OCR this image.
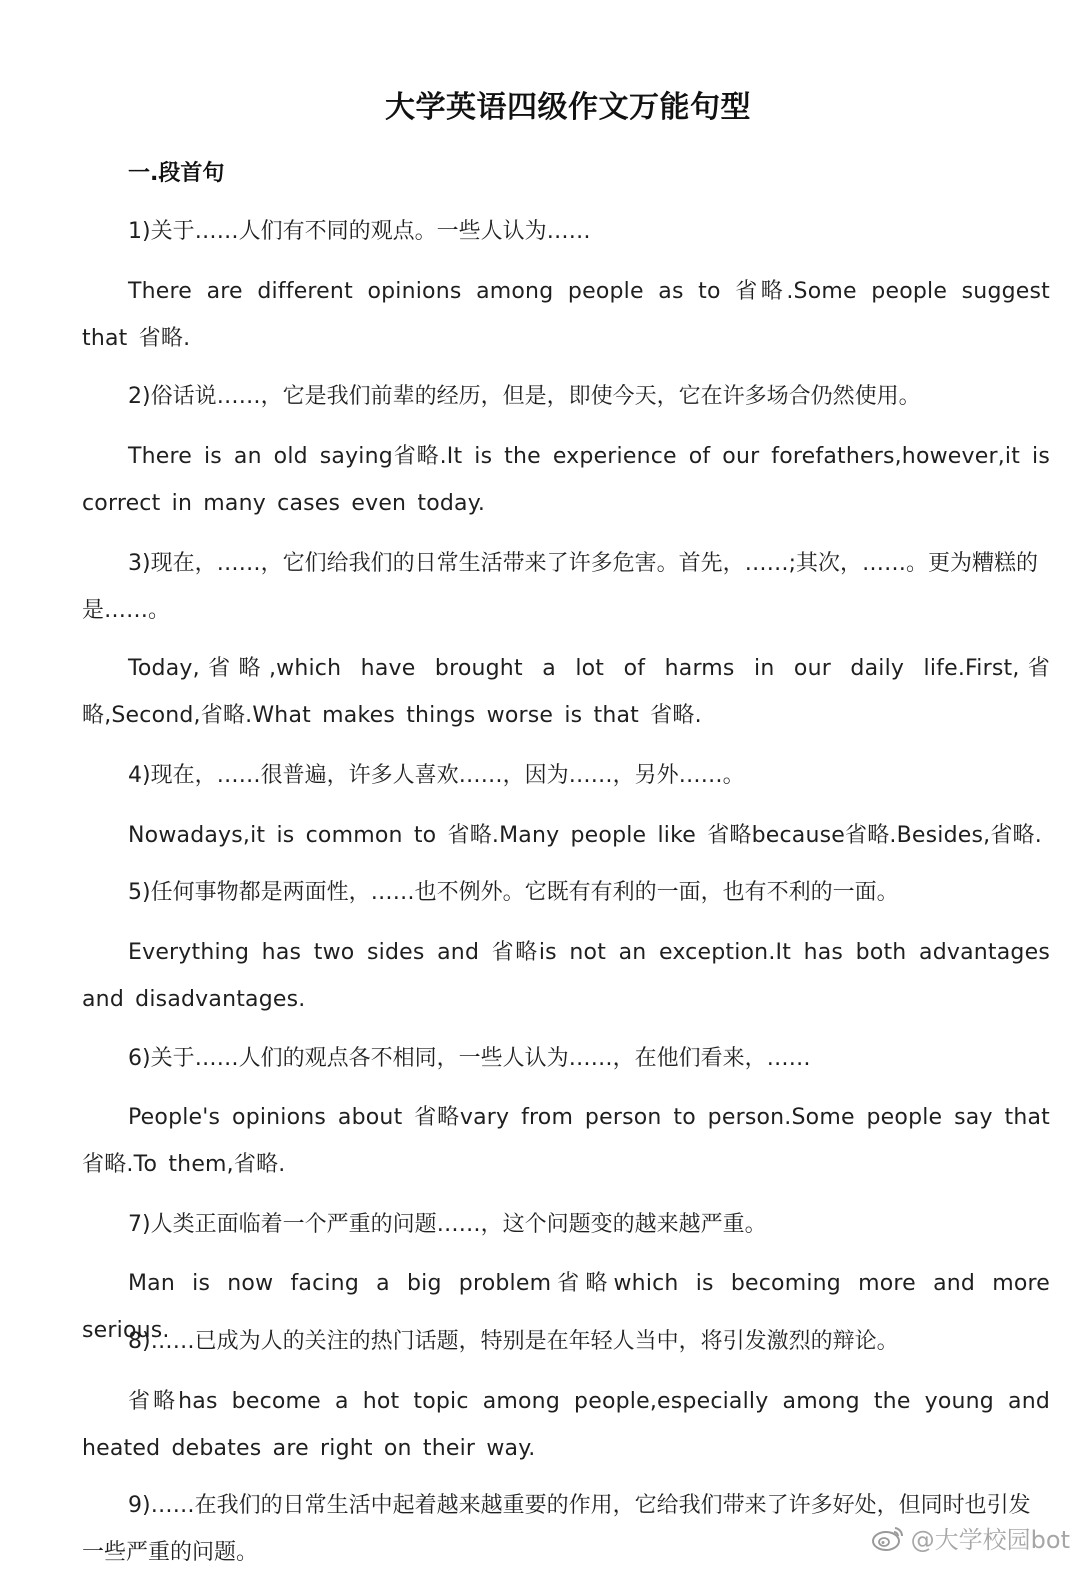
大学英语四级作文万能句型
一.段首句

1)关于……人们有不同的观点。一些人认为……

There are different opinions among people as to 省略.Some people suggest that 省略.

2)俗话说……，它是我们前辈的经历，但是，即使今天，它在许多场合仍然使用。

There is an old saying省略.It is the experience of our forefathers,however,it is correct in many cases even today.

3)现在，……，它们给我们的日常生活带来了许多危害。首先，……;其次，……。更为糟糕的是……。

Today,省略,which have brought a lot of harms in our daily life.First,省略,Second,省略.What makes things worse is that 省略.

4)现在，……很普遍，许多人喜欢……，因为……，另外……。

Nowadays,it is common to 省略.Many people like 省略because省略.Besides,省略.

5)任何事物都是两面性，……也不例外。它既有有利的一面，也有不利的一面。

Everything has two sides and 省略is not an exception.It has both advantages and disadvantages.

6)关于……人们的观点各不相同，一些人认为……，在他们看来，……

People's opinions about 省略vary from person to person.Some people say that 省略.To them,省略.

7)人类正面临着一个严重的问题……，这个问题变的越来越严重。

Man is now facing a big problem省略which is becoming more and more serious.

8)……已成为人的关注的热门话题，特别是在年轻人当中，将引发激烈的辩论。

省略has become a hot topic among people,especially among the young and heated debates are right on their way.

9)……在我们的日常生活中起着越来越重要的作用，它给我们带来了许多好处，但同时也引发一些严重的问题。	@大学校园bot
